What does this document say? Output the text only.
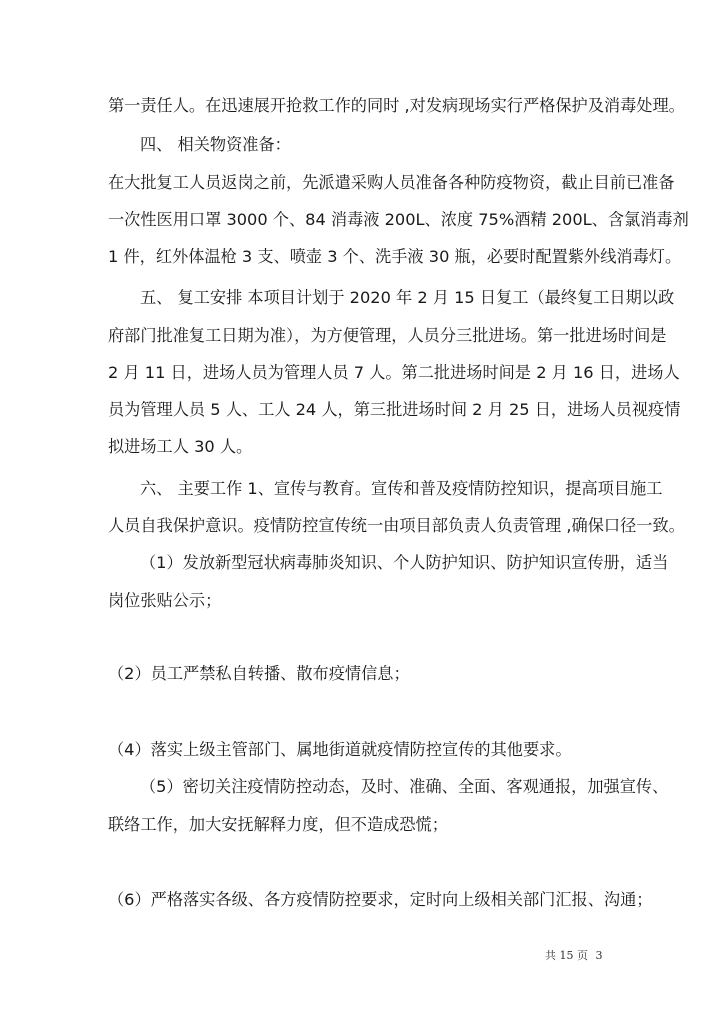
第一责任人。在迅速展开抢救工作的同时 ,对发病现场实行严格保护及消毒处理。
四、 相关物资准备：
在大批复工人员返岗之前，先派遣采购人员准备各种防疫物资，截止目前已准备
一次性医用口罩 3000 个、84 消毒液 200L、浓度 75%酒精 200L、含氯消毒剂
1 件，红外体温枪 3 支、喷壶 3 个、洗手液 30 瓶，必要时配置紫外线消毒灯。
五、 复工安排 本项目计划于 2020 年 2 月 15 日复工（最终复工日期以政
府部门批准复工日期为准），为方便管理，人员分三批进场。第一批进场时间是
2 月 11 日，进场人员为管理人员 7 人。第二批进场时间是 2 月 16 日，进场人
员为管理人员 5 人、工人 24 人，第三批进场时间 2 月 25 日，进场人员视疫情
拟进场工人 30 人。
六、 主要工作 1、宣传与教育。宣传和普及疫情防控知识，提高项目施工
人员自我保护意识。疫情防控宣传统一由项目部负责人负责管理 ,确保口径一致。
（1）发放新型冠状病毒肺炎知识、个人防护知识、防护知识宣传册，适当
岗位张贴公示；
（2）员工严禁私自转播、散布疫情信息；
（4）落实上级主管部门、属地街道就疫情防控宣传的其他要求。
（5）密切关注疫情防控动态，及时、准确、全面、客观通报，加强宣传、
联络工作，加大安抚解释力度，但不造成恐慌；
（6）严格落实各级、各方疫情防控要求，定时向上级相关部门汇报、沟通；
共 15 页 3
